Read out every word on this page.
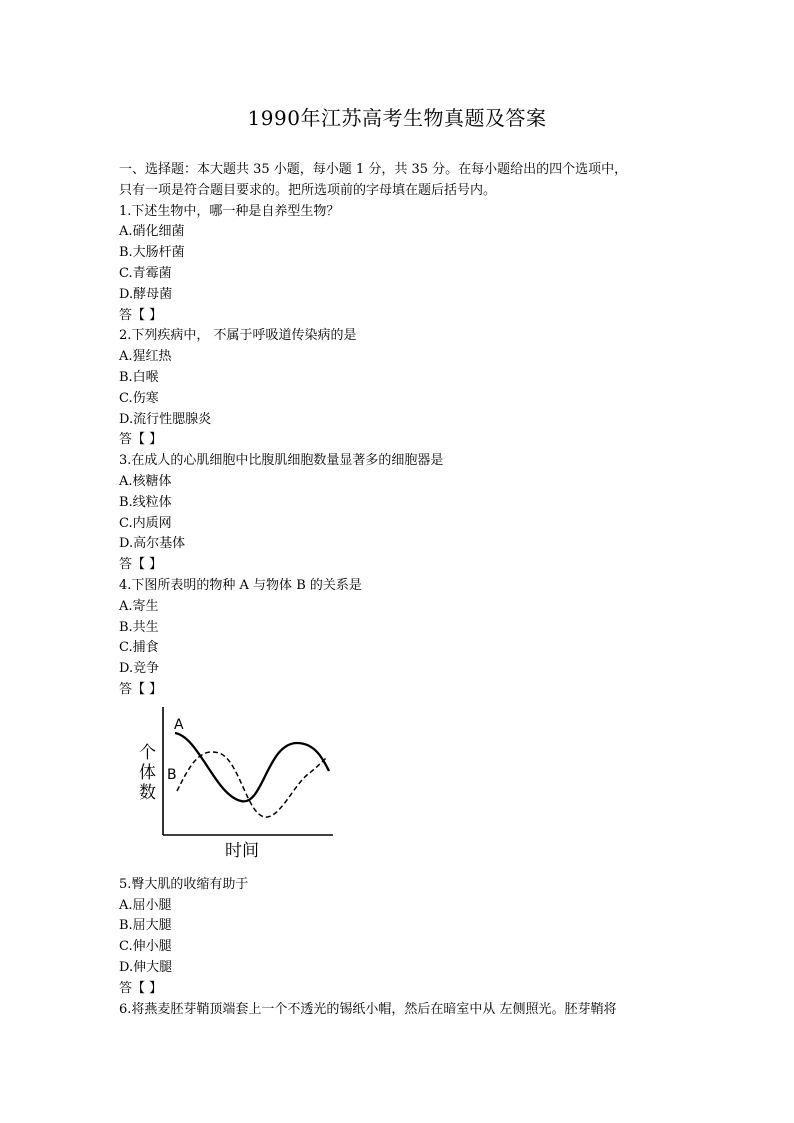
1990年江苏高考生物真题及答案
一、选择题：本大题共 35 小题，每小题 1 分，共 35 分。在每小题给出的四个选项中，
只有一项是符合题目要求的。把所选项前的字母填在题后括号内。
1.下述生物中，哪一种是自养型生物？
A.硝化细菌
B.大肠杆菌
C.青霉菌
D.酵母菌
答【 】
2.下列疾病中， 不属于呼吸道传染病的是
A.猩红热
B.白喉
C.伤寒
D.流行性腮腺炎
答【 】
3.在成人的心肌细胞中比腹肌细胞数量显著多的细胞器是
A.核糖体
B.线粒体
C.内质网
D.高尔基体
答【 】
4.下图所表明的物种 A 与物体 B 的关系是
A.寄生
B.共生
C.捕食
D.竞争
答【 】
A
B
个体数
时间
5.臀大肌的收缩有助于
A.屈小腿
B.屈大腿
C.伸小腿
D.伸大腿
答【 】
6.将燕麦胚芽鞘顶端套上一个不透光的锡纸小帽，然后在暗室中从 左侧照光。胚芽鞘将
